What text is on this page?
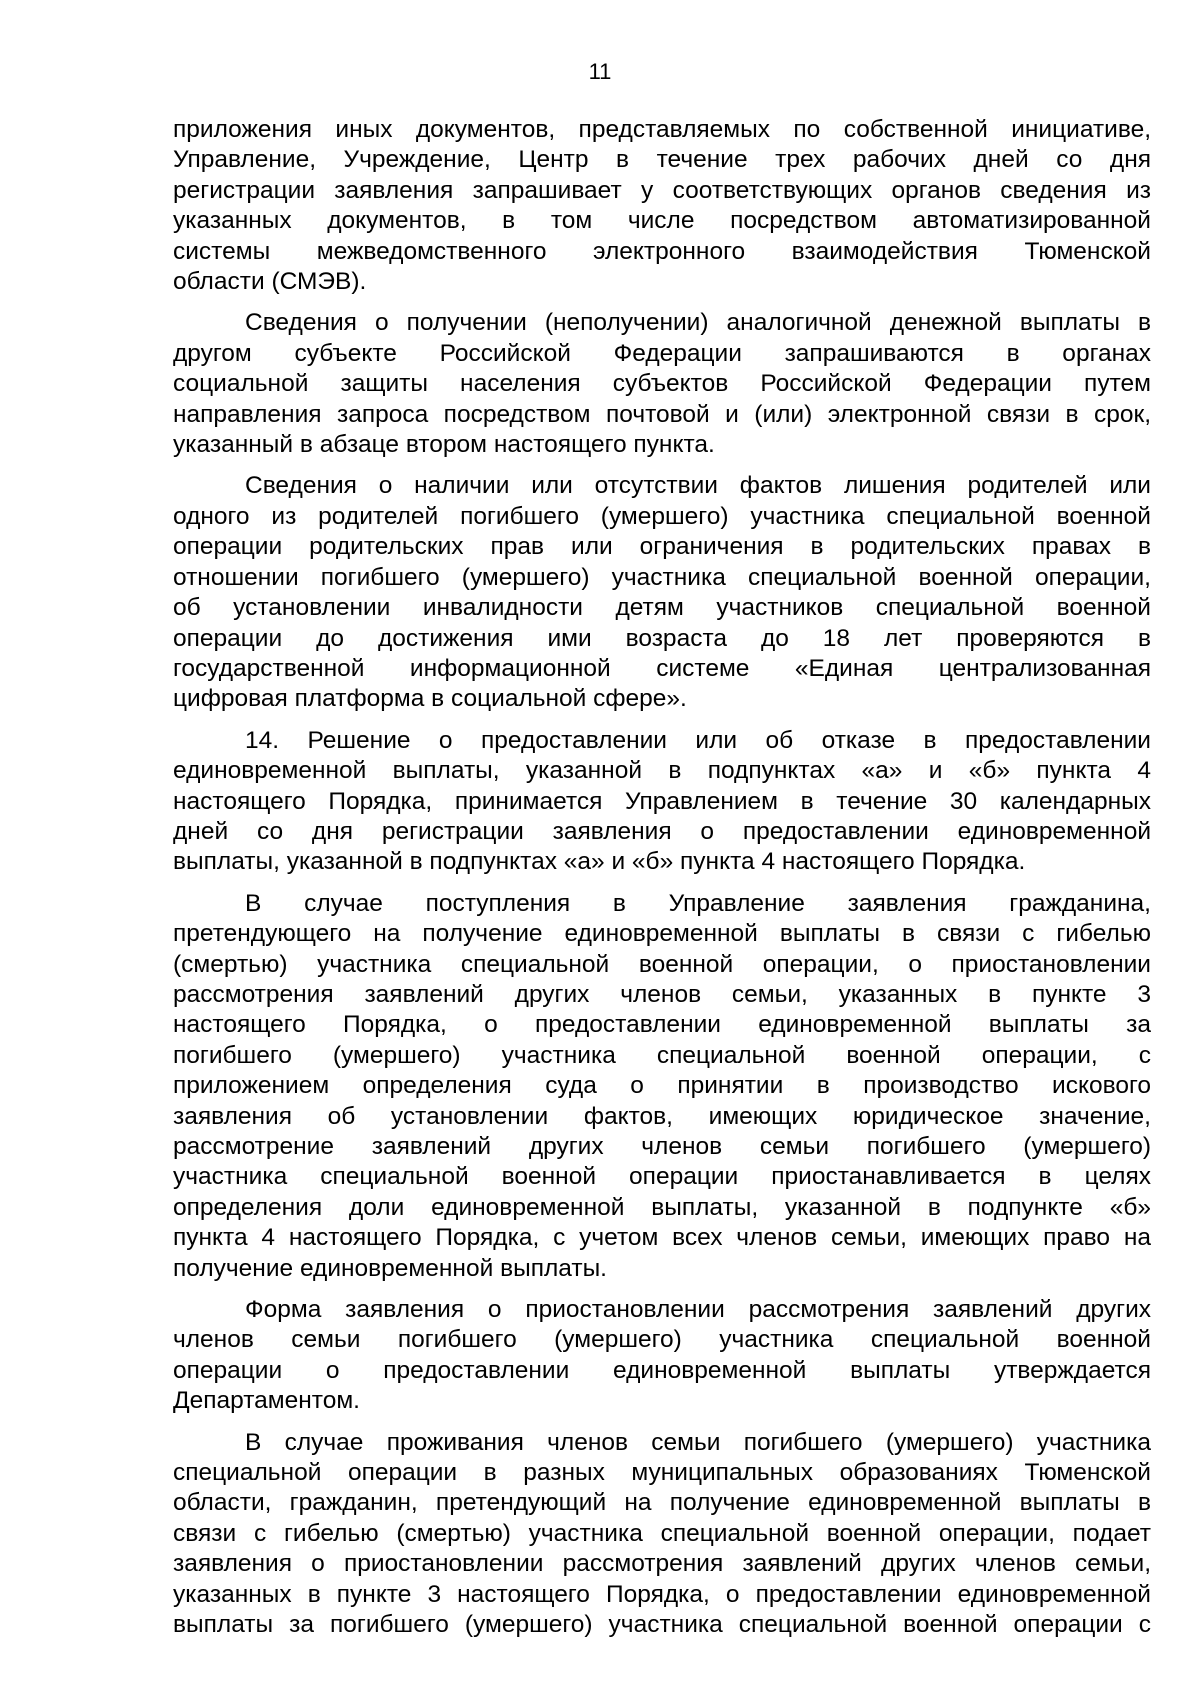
11

приложения иных документов, представляемых по собственной инициативе,
Управление, Учреждение, Центр в течение трех рабочих дней со дня
регистрации заявления запрашивает у соответствующих органов сведения из
указанных документов, в том числе посредством автоматизированной
системы межведомственного электронного взаимодействия Тюменской
области (СМЭВ).

Сведения о получении (неполучении) аналогичной денежной выплаты в
другом субъекте Российской Федерации запрашиваются в органах
социальной защиты населения субъектов Российской Федерации путем
направления запроса посредством почтовой и (или) электронной связи в срок,
указанный в абзаце втором настоящего пункта.

Сведения о наличии или отсутствии фактов лишения родителей или
одного из родителей погибшего (умершего) участника специальной военной
операции родительских прав или ограничения в родительских правах в
отношении погибшего (умершего) участника специальной военной операции,
об установлении инвалидности детям участников специальной военной
операции до достижения ими возраста до 18 лет проверяются в
государственной информационной системе «Единая централизованная
цифровая платформа в социальной сфере».

14. Решение о предоставлении или об отказе в предоставлении
единовременной выплаты, указанной в подпунктах «а» и «б» пункта 4
настоящего Порядка, принимается Управлением в течение 30 календарных
дней со дня регистрации заявления о предоставлении единовременной
выплаты, указанной в подпунктах «а» и «б» пункта 4 настоящего Порядка.

В случае поступления в Управление заявления гражданина,
претендующего на получение единовременной выплаты в связи с гибелью
(смертью) участника специальной военной операции, о приостановлении
рассмотрения заявлений других членов семьи, указанных в пункте 3
настоящего Порядка, о предоставлении единовременной выплаты за
погибшего (умершего) участника специальной военной операции, с
приложением определения суда о принятии в производство искового
заявления об установлении фактов, имеющих юридическое значение,
рассмотрение заявлений других членов семьи погибшего (умершего)
участника специальной военной операции приостанавливается в целях
определения доли единовременной выплаты, указанной в подпункте «б»
пункта 4 настоящего Порядка, с учетом всех членов семьи, имеющих право на
получение единовременной выплаты.

Форма заявления о приостановлении рассмотрения заявлений других
членов семьи погибшего (умершего) участника специальной военной
операции о предоставлении единовременной выплаты утверждается
Департаментом.

В случае проживания членов семьи погибшего (умершего) участника
специальной операции в разных муниципальных образованиях Тюменской
области, гражданин, претендующий на получение единовременной выплаты в
связи с гибелью (смертью) участника специальной военной операции, подает
заявления о приостановлении рассмотрения заявлений других членов семьи,
указанных в пункте 3 настоящего Порядка, о предоставлении единовременной
выплаты за погибшего (умершего) участника специальной военной операции с
